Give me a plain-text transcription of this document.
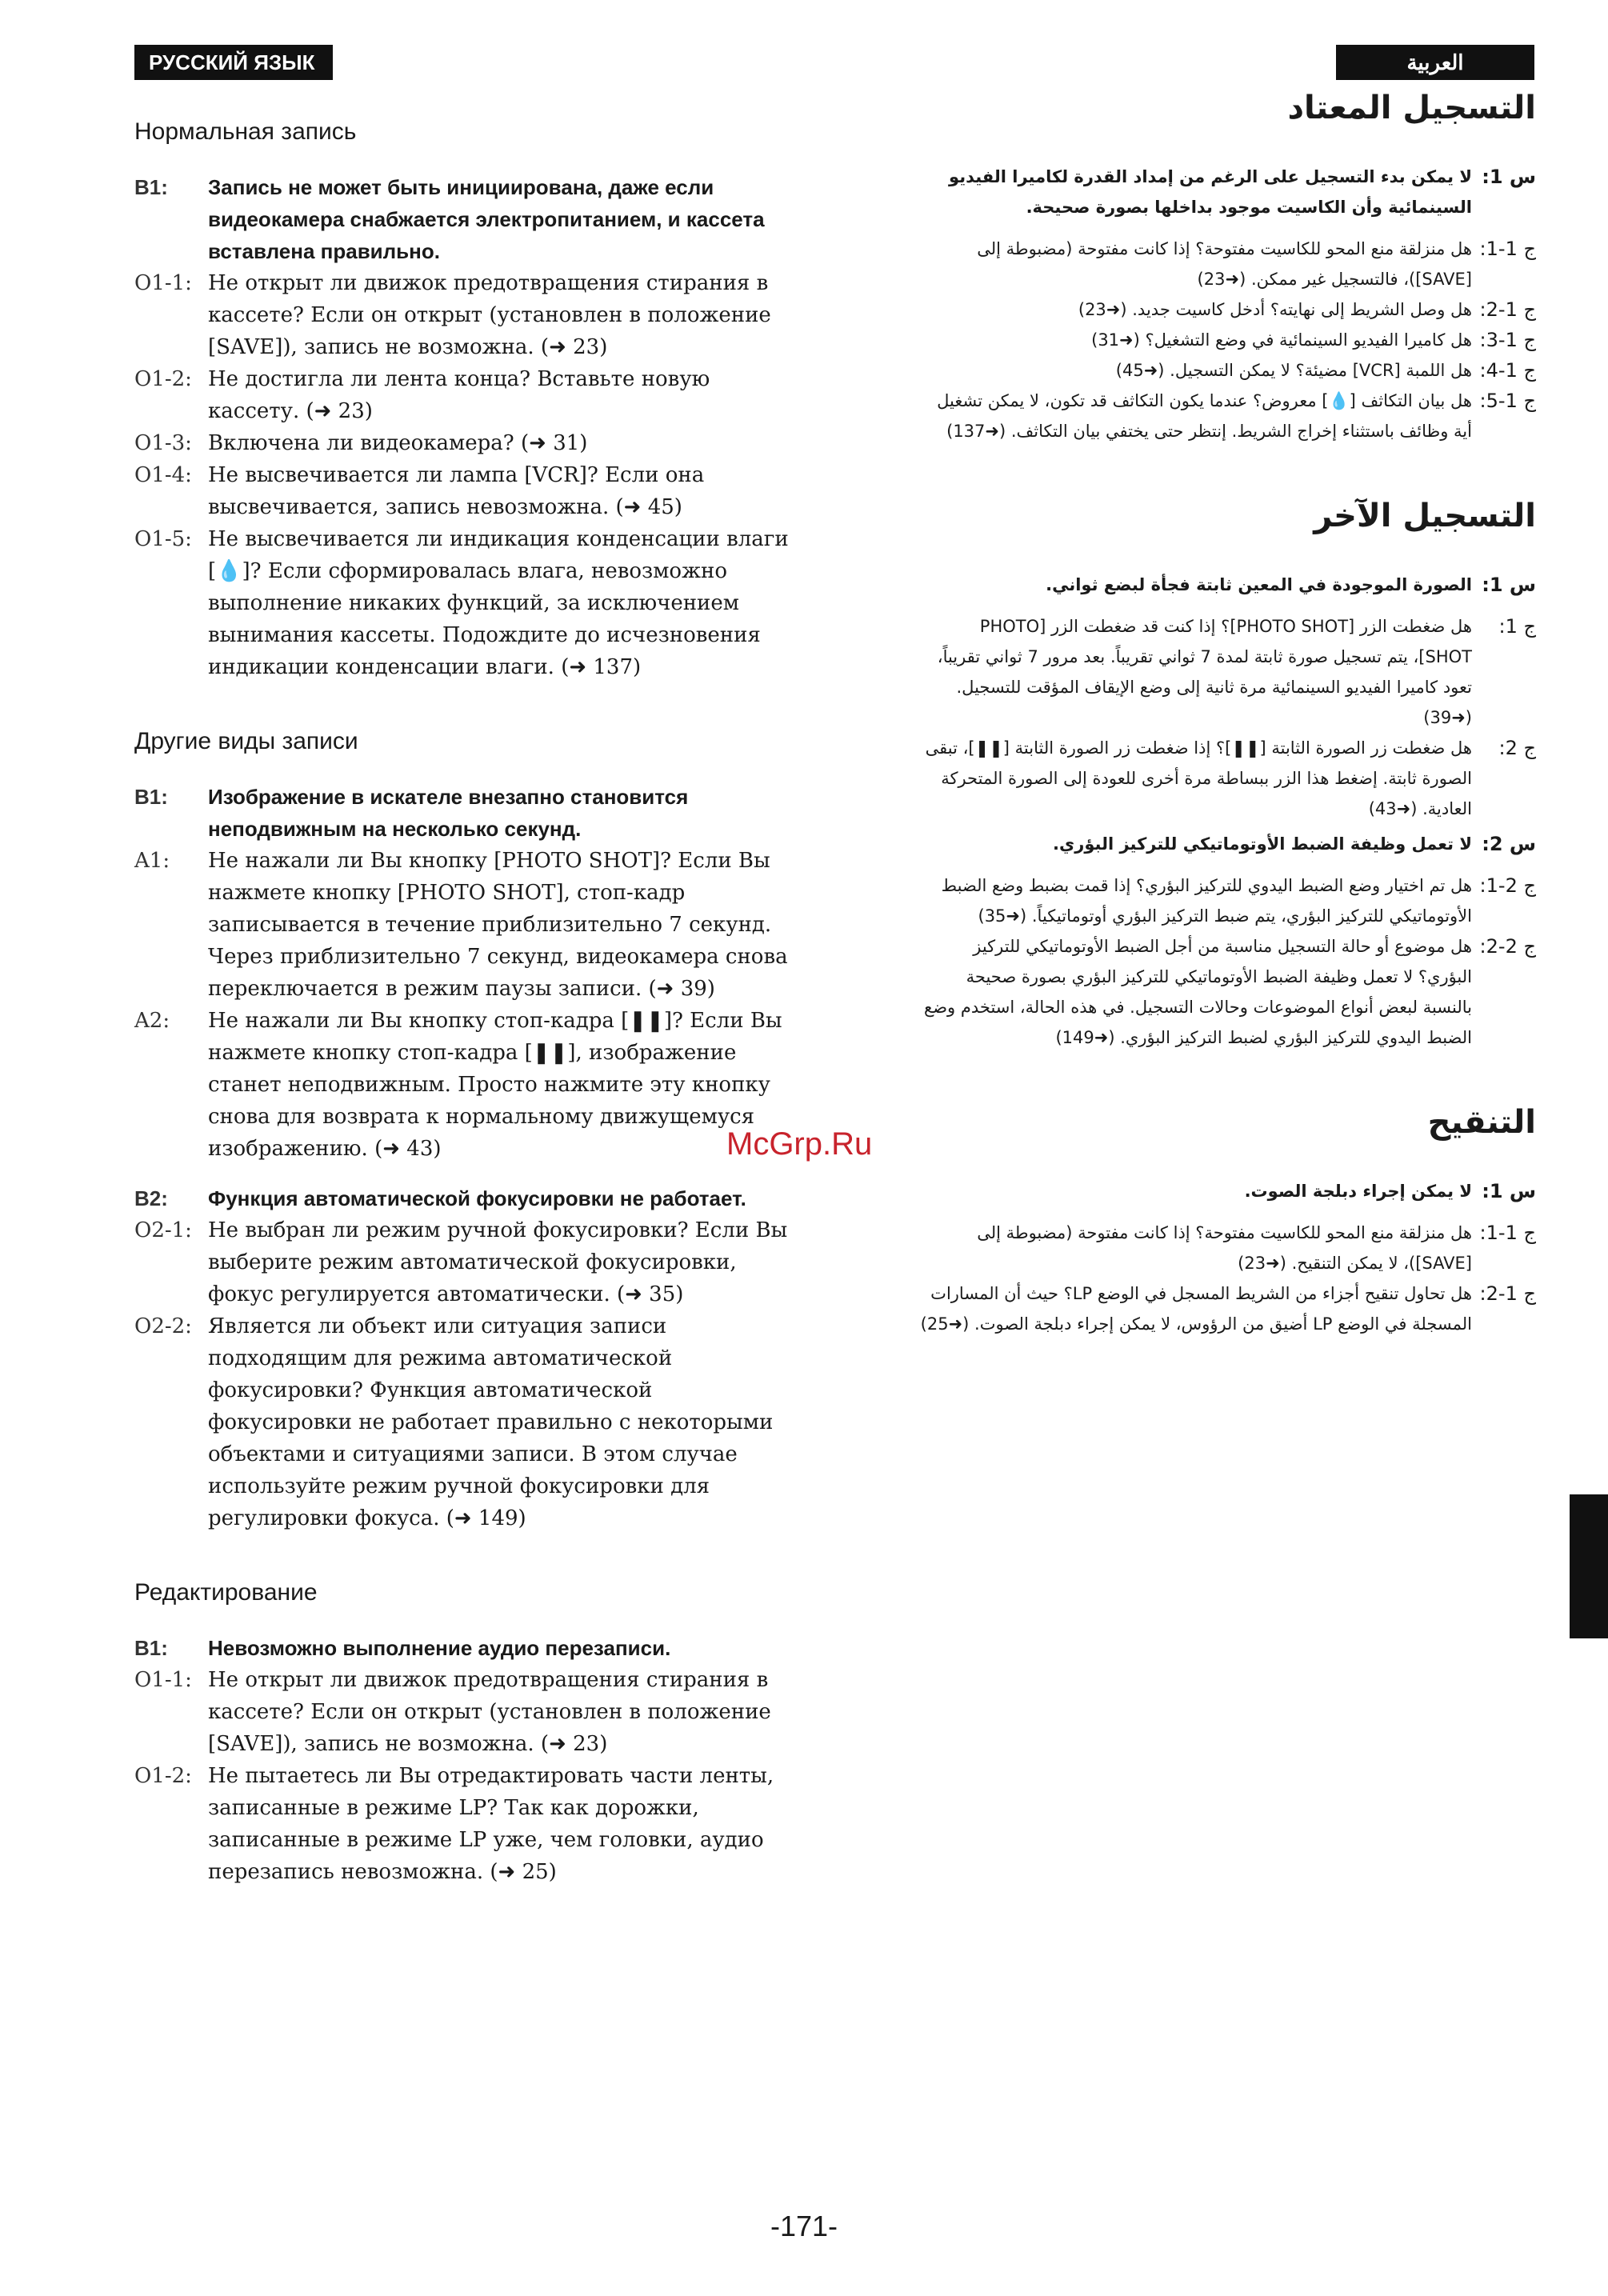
РУССКИЙ ЯЗЫК	العربية
Нормальная запись
B1:	Запись не может быть инициирована, даже если видеокамера снабжается электропитанием, и кассета вставлена правильно.
О1-1: Не открыт ли движок предотвращения стирания в кассете? Если он открыт (установлен в положение [SAVE]), запись не возможна. (➜ 23)
О1-2: Не достигла ли лента конца? Вставьте новую кассету. (➜ 23)
О1-3: Включена ли видеокамера? (➜ 31)
О1-4: Не высвечивается ли лампа [VCR]? Если она высвечивается, запись невозможна. (➜ 45)
О1-5: Не высвечивается ли индикация конденсации влаги [💧]? Если сформировалась влага, невозможно выполнение никаких функций, за исключением вынимания кассеты. Подождите до исчезновения индикации конденсации влаги. (➜ 137)
Другие виды записи
B1:	Изображение в искателе внезапно становится неподвижным на несколько секунд.
A1:	Не нажали ли Вы кнопку [PHOTO SHOT]? Если Вы нажмете кнопку [PHOTO SHOT], стоп-кадр записывается в течение приблизительно 7 секунд. Через приблизительно 7 секунд, видеокамера снова переключается в режим паузы записи. (➜ 39)
A2:	Не нажали ли Вы кнопку стоп-кадра [❚❚]? Если Вы нажмете кнопку стоп-кадра [❚❚], изображение станет неподвижным. Просто нажмите эту кнопку снова для возврата к нормальному движущемуся изображению. (➜ 43)
B2:	Функция автоматической фокусировки не работает.
О2-1: Не выбран ли режим ручной фокусировки? Если Вы выберите режим автоматической фокусировки, фокус регулируется автоматически. (➜ 35)
О2-2: Является ли объект или ситуация записи подходящим для режима автоматической фокусировки? Функция автоматической фокусировки не работает правильно с некоторыми объектами и ситуациями записи. В этом случае используйте режим ручной фокусировки для регулировки фокуса. (➜ 149)
Редактирование
B1:	Невозможно выполнение аудио перезаписи.
О1-1: Не открыт ли движок предотвращения стирания в кассете? Если он открыт (установлен в положение [SAVE]), запись не возможна. (➜ 23)
О1-2: Не пытаетесь ли Вы отредактировать части ленты, записанные в режиме LP? Так как дорожки, записанные в режиме LP уже, чем головки, аудио перезапись невозможна. (➜ 25)
التسجيل المعتاد
س 1:
لا يمكن بدء التسجيل على الرغم من إمداد القدرة لكاميرا الفيديو السينمائية وأن الكاسيت موجود بداخلها بصورة صحيحة.
ج 1-1:
هل منزلقة منع المحو للكاسيت مفتوحة؟ إذا كانت مفتوحة (مضبوطة إلى [SAVE])، فالتسجيل غير ممكن. (➜23)
ج 1-2:
هل وصل الشريط إلى نهايته؟ أدخل كاسيت جديد. (➜23)
ج 1-3:
هل كاميرا الفيديو السينمائية في وضع التشغيل؟ (➜31)
ج 1-4:
هل اللمبة [VCR] مضيئة؟ لا يمكن التسجيل. (➜45)
ج 1-5:
هل بيان التكاثف [💧] معروض؟ عندما يكون التكاثف قد تكون، لا يمكن تشغيل أية وظائف باستثناء إخراج الشريط. إنتظر حتى يختفي بيان التكاثف. (➜137)
التسجيل الآخر
س 1:
الصورة الموجودة في المعين ثابتة فجأة لبضع ثواني.
ج 1:
هل ضغطت الزر [PHOTO SHOT]؟ إذا كنت قد ضغطت الزر [PHOTO SHOT]، يتم تسجيل صورة ثابتة لمدة 7 ثواني تقريباً. بعد مرور 7 ثواني تقريباً، تعود كاميرا الفيديو السينمائية مرة ثانية إلى وضع الإيقاف المؤقت للتسجيل. (➜39)
ج 2:
هل ضغطت زر الصورة الثابتة [❚❚]؟ إذا ضغطت زر الصورة الثابتة [❚❚]، تبقى الصورة ثابتة. إضغط هذا الزر ببساطة مرة أخرى للعودة إلى الصورة المتحركة العادية. (➜43)
س 2:
لا تعمل وظيفة الضبط الأوتوماتيكي للتركيز البؤري.
ج 2-1:
هل تم اختيار وضع الضبط اليدوي للتركيز البؤري؟ إذا قمت بضبط وضع الضبط الأوتوماتيكي للتركيز البؤري، يتم ضبط التركيز البؤري أوتوماتيكياً. (➜35)
ج 2-2:
هل موضوع أو حالة التسجيل مناسبة من أجل الضبط الأوتوماتيكي للتركيز البؤري؟ لا تعمل وظيفة الضبط الأوتوماتيكي للتركيز البؤري بصورة صحيحة بالنسبة لبعض أنواع الموضوعات وحالات التسجيل. في هذه الحالة، استخدم وضع الضبط اليدوي للتركيز البؤري لضبط التركيز البؤري. (➜149)
التنقيح
س 1:
لا يمكن إجراء دبلجة الصوت.
ج 1-1:
هل منزلقة منع المحو للكاسيت مفتوحة؟ إذا كانت مفتوحة (مضبوطة إلى [SAVE])، لا يمكن التنقيح. (➜23)
ج 1-2:
هل تحاول تنقيح أجزاء من الشريط المسجل في الوضع LP؟ حيث أن المسارات المسجلة في الوضع LP أضيق من الرؤوس، لا يمكن إجراء دبلجة الصوت. (➜25)
McGrp.Ru
-171-
